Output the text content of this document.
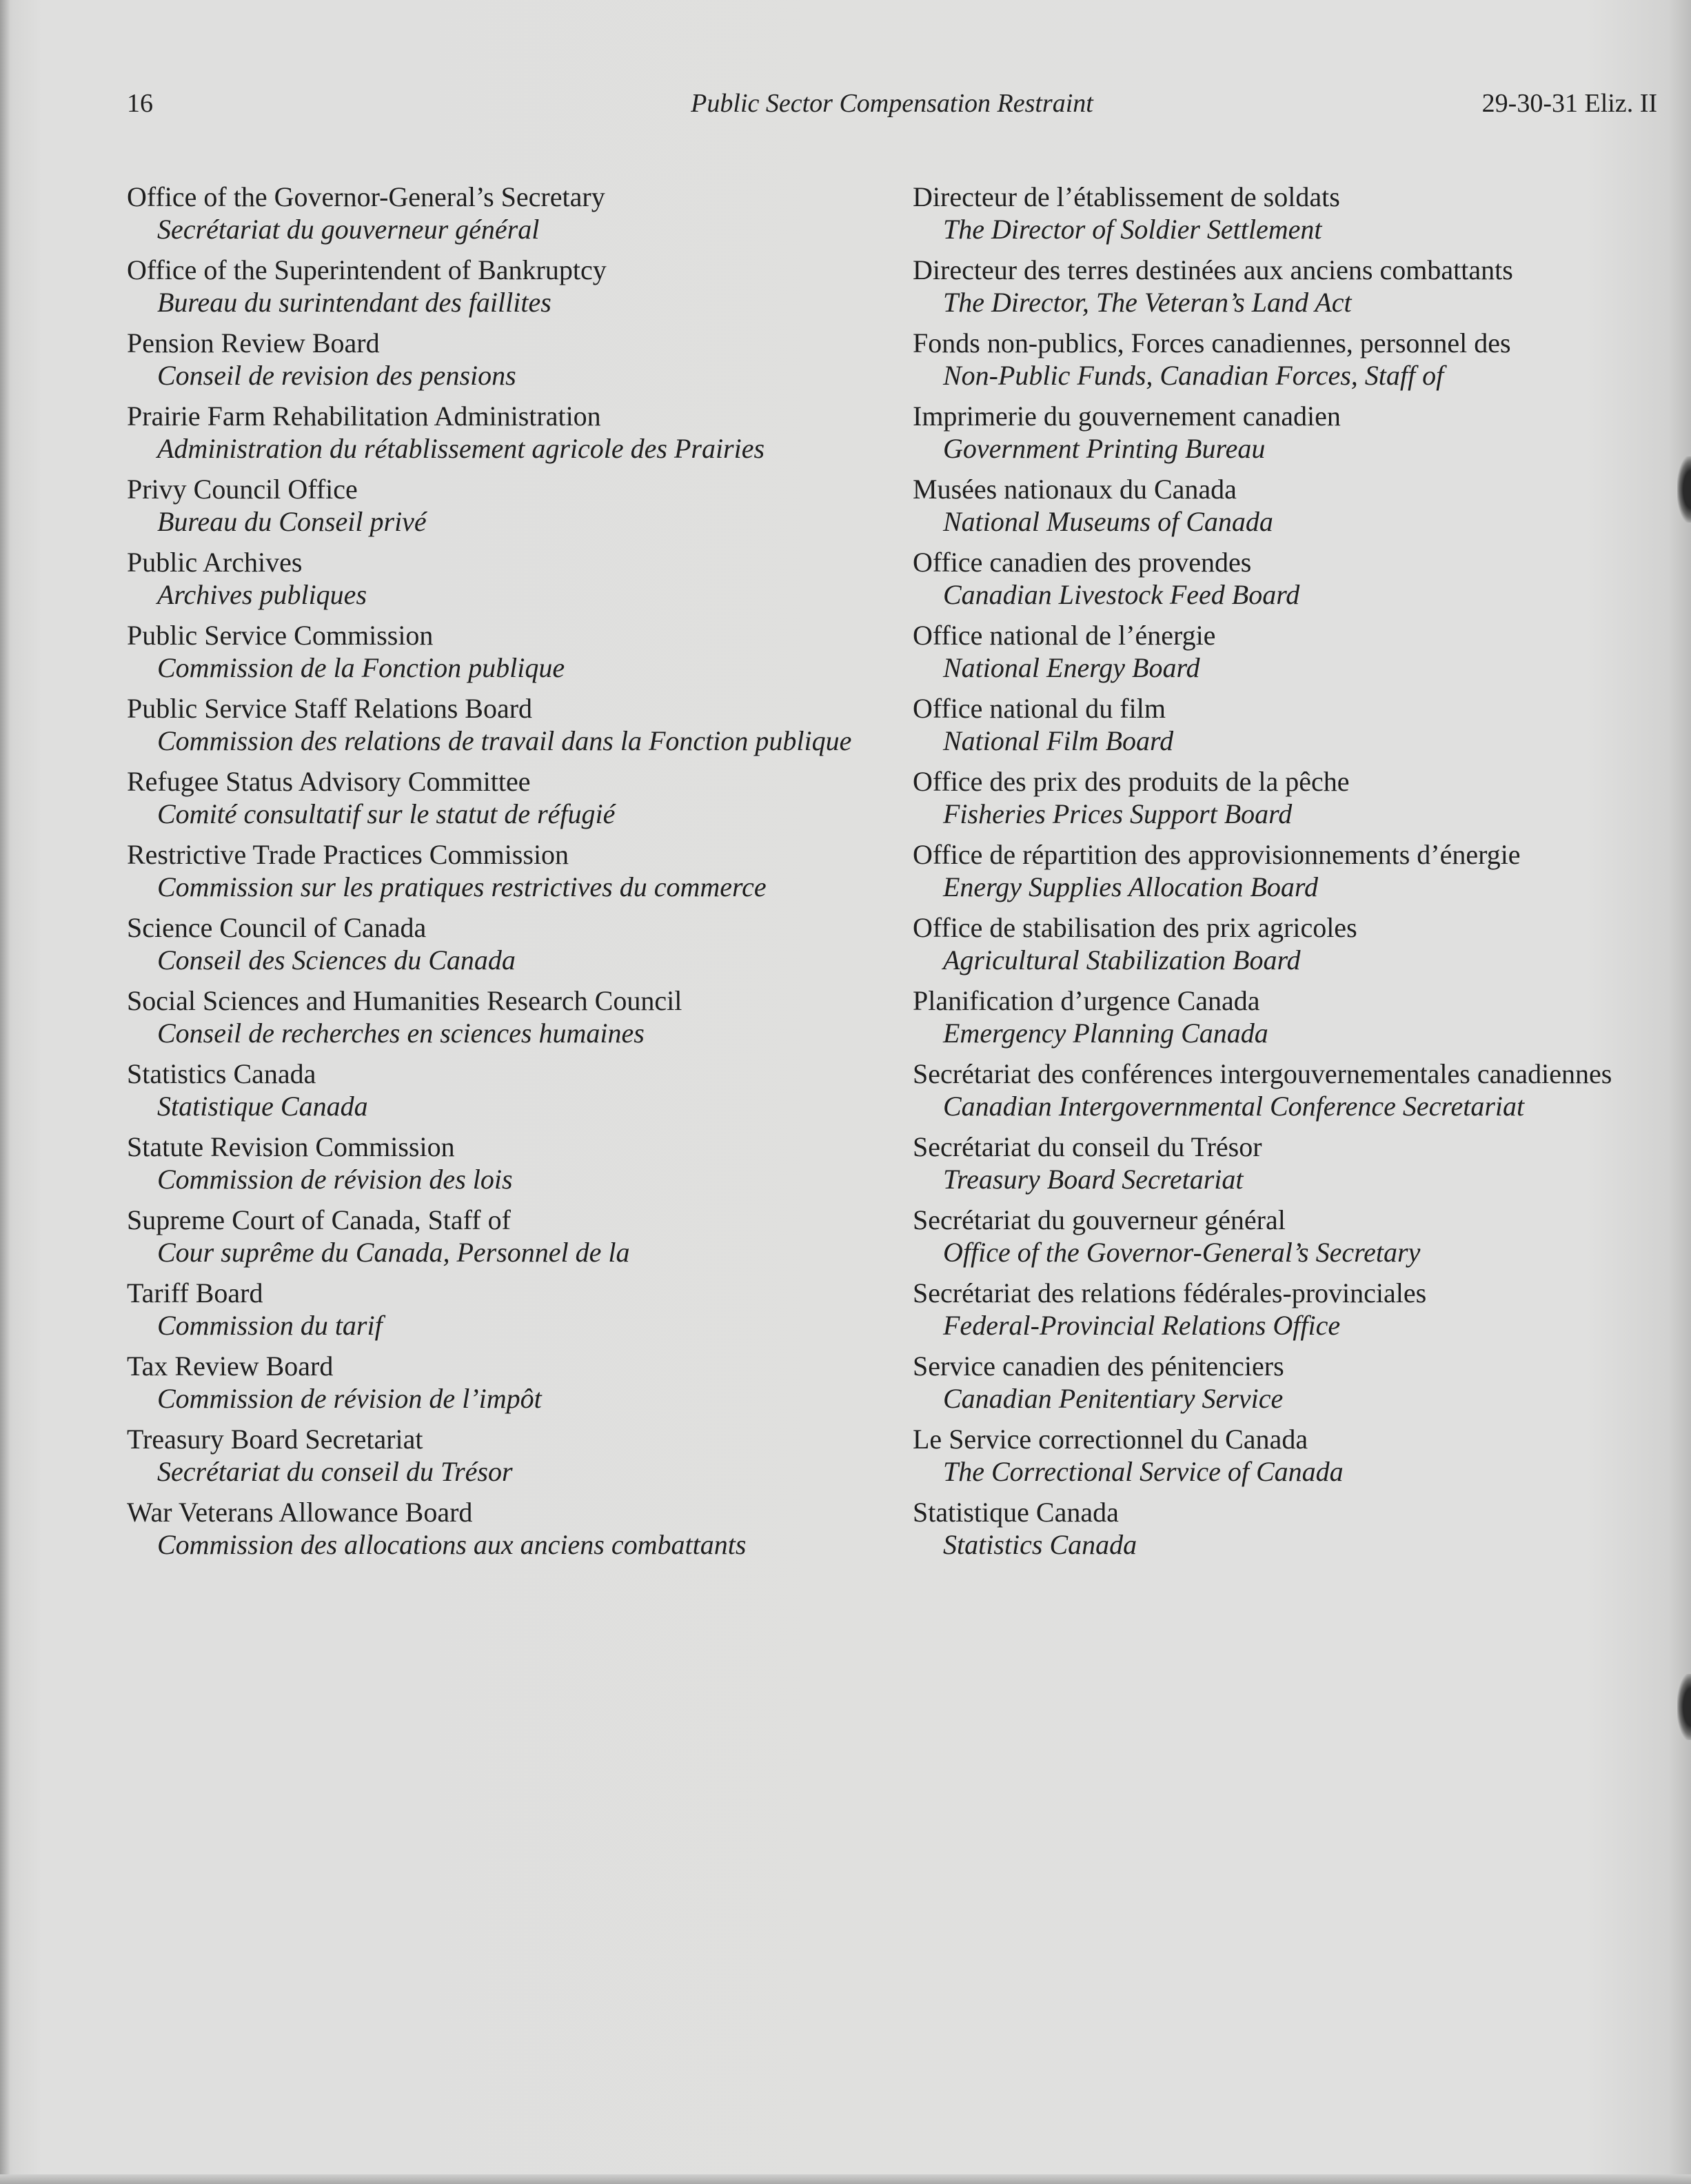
16	Public Sector Compensation Restraint	29-30-31 Eliz. II
Office of the Governor-General’s Secretary
Secrétariat du gouverneur général
Office of the Superintendent of Bankruptcy
Bureau du surintendant des faillites
Pension Review Board
Conseil de revision des pensions
Prairie Farm Rehabilitation Administration
Administration du rétablissement agricole des Prairies
Privy Council Office
Bureau du Conseil privé
Public Archives
Archives publiques
Public Service Commission
Commission de la Fonction publique
Public Service Staff Relations Board
Commission des relations de travail dans la Fonction publique
Refugee Status Advisory Committee
Comité consultatif sur le statut de réfugié
Restrictive Trade Practices Commission
Commission sur les pratiques restrictives du commerce
Science Council of Canada
Conseil des Sciences du Canada
Social Sciences and Humanities Research Council
Conseil de recherches en sciences humaines
Statistics Canada
Statistique Canada
Statute Revision Commission
Commission de révision des lois
Supreme Court of Canada, Staff of
Cour suprême du Canada, Personnel de la
Tariff Board
Commission du tarif
Tax Review Board
Commission de révision de l’impôt
Treasury Board Secretariat
Secrétariat du conseil du Trésor
War Veterans Allowance Board
Commission des allocations aux anciens combattants
Directeur de l’établissement de soldats
The Director of Soldier Settlement
Directeur des terres destinées aux anciens combattants
The Director, The Veteran’s Land Act
Fonds non-publics, Forces canadiennes, personnel des
Non-Public Funds, Canadian Forces, Staff of
Imprimerie du gouvernement canadien
Government Printing Bureau
Musées nationaux du Canada
National Museums of Canada
Office canadien des provendes
Canadian Livestock Feed Board
Office national de l’énergie
National Energy Board
Office national du film
National Film Board
Office des prix des produits de la pêche
Fisheries Prices Support Board
Office de répartition des approvisionnements d’énergie
Energy Supplies Allocation Board
Office de stabilisation des prix agricoles
Agricultural Stabilization Board
Planification d’urgence Canada
Emergency Planning Canada
Secrétariat des conférences intergouvernementales canadiennes
Canadian Intergovernmental Conference Secretariat
Secrétariat du conseil du Trésor
Treasury Board Secretariat
Secrétariat du gouverneur général
Office of the Governor-General’s Secretary
Secrétariat des relations fédérales-provinciales
Federal-Provincial Relations Office
Service canadien des pénitenciers
Canadian Penitentiary Service
Le Service correctionnel du Canada
The Correctional Service of Canada
Statistique Canada
Statistics Canada
